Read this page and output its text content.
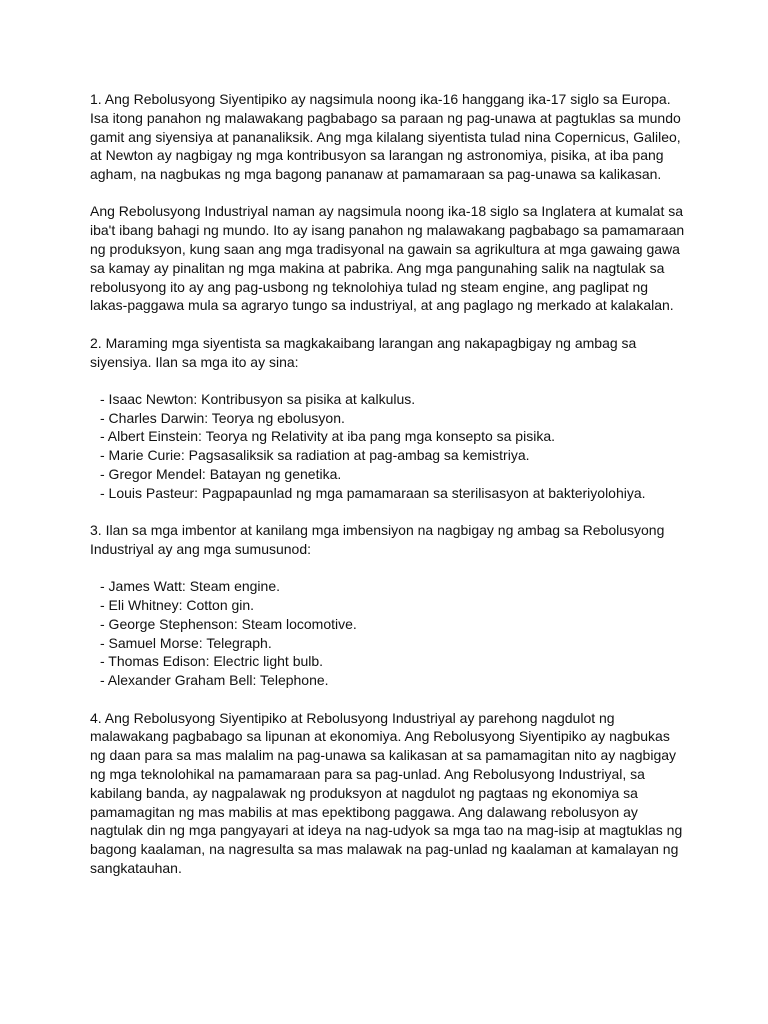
1. Ang Rebolusyong Siyentipiko ay nagsimula noong ika-16 hanggang ika-17 siglo sa Europa. Isa itong panahon ng malawakang pagbabago sa paraan ng pag-unawa at pagtuklas sa mundo gamit ang siyensiya at pananaliksik. Ang mga kilalang siyentista tulad nina Copernicus, Galileo, at Newton ay nagbigay ng mga kontribusyon sa larangan ng astronomiya, pisika, at iba pang agham, na nagbukas ng mga bagong pananaw at pamamaraan sa pag-unawa sa kalikasan.

Ang Rebolusyong Industriyal naman ay nagsimula noong ika-18 siglo sa Inglatera at kumalat sa iba't ibang bahagi ng mundo. Ito ay isang panahon ng malawakang pagbabago sa pamamaraan ng produksyon, kung saan ang mga tradisyonal na gawain sa agrikultura at mga gawaing gawa sa kamay ay pinalitan ng mga makina at pabrika. Ang mga pangunahing salik na nagtulak sa rebolusyong ito ay ang pag-usbong ng teknolohiya tulad ng steam engine, ang paglipat ng lakas-paggawa mula sa agraryo tungo sa industriyal, at ang paglago ng merkado at kalakalan.

2. Maraming mga siyentista sa magkakaibang larangan ang nakapagbigay ng ambag sa siyensiya. Ilan sa mga ito ay sina:

- Isaac Newton: Kontribusyon sa pisika at kalkulus.
- Charles Darwin: Teorya ng ebolusyon.
- Albert Einstein: Teorya ng Relativity at iba pang mga konsepto sa pisika.
- Marie Curie: Pagsasaliksik sa radiation at pag-ambag sa kemistriya.
- Gregor Mendel: Batayan ng genetika.
- Louis Pasteur: Pagpapaunlad ng mga pamamaraan sa sterilisasyon at bakteriyolohiya.

3. Ilan sa mga imbentor at kanilang mga imbensiyon na nagbigay ng ambag sa Rebolusyong Industriyal ay ang mga sumusunod:

- James Watt: Steam engine.
- Eli Whitney: Cotton gin.
- George Stephenson: Steam locomotive.
- Samuel Morse: Telegraph.
- Thomas Edison: Electric light bulb.
- Alexander Graham Bell: Telephone.

4. Ang Rebolusyong Siyentipiko at Rebolusyong Industriyal ay parehong nagdulot ng malawakang pagbabago sa lipunan at ekonomiya. Ang Rebolusyong Siyentipiko ay nagbukas ng daan para sa mas malalim na pag-unawa sa kalikasan at sa pamamagitan nito ay nagbigay ng mga teknolohikal na pamamaraan para sa pag-unlad. Ang Rebolusyong Industriyal, sa kabilang banda, ay nagpalawak ng produksyon at nagdulot ng pagtaas ng ekonomiya sa pamamagitan ng mas mabilis at mas epektibong paggawa. Ang dalawang rebolusyon ay nagtulak din ng mga pangyayari at ideya na nag-udyok sa mga tao na mag-isip at magtuklas ng bagong kaalaman, na nagresulta sa mas malawak na pag-unlad ng kaalaman at kamalayan ng sangkatauhan.
